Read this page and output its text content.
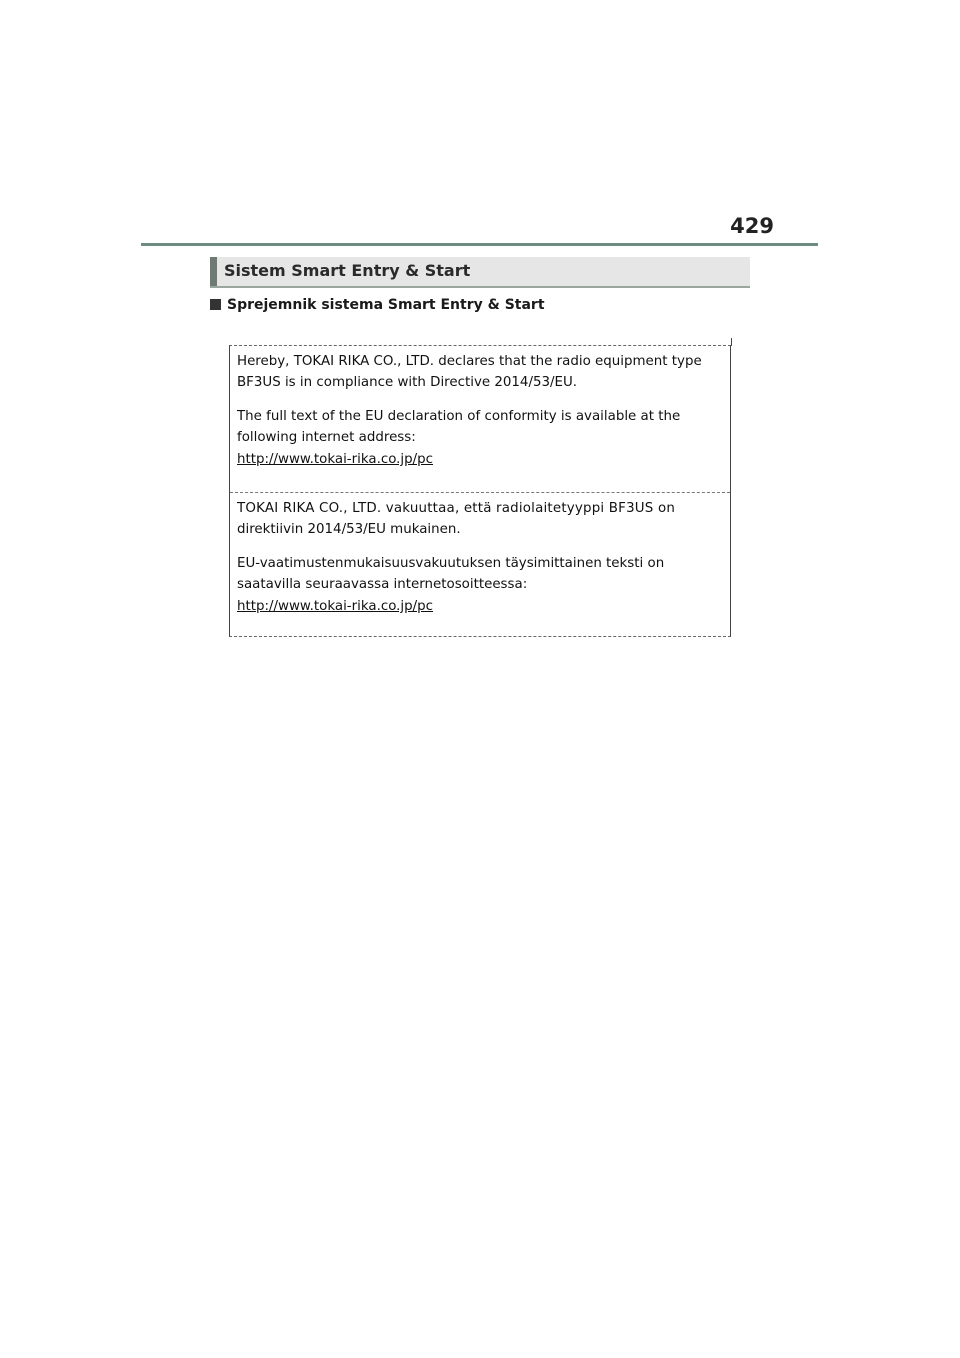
429
Sistem Smart Entry & Start
Sprejemnik sistema Smart Entry & Start

Hereby, TOKAI RIKA CO., LTD. declares that the radio equipment type

BF3US is in compliance with Directive 2014/53/EU.

The full text of the EU declaration of conformity is available at the

following internet address:

http://www.tokai-rika.co.jp/pc

TOKAI RIKA CO., LTD. vakuuttaa, että radiolaitetyyppi BF3US on

direktiivin 2014/53/EU mukainen.

EU-vaatimustenmukaisuusvakuutuksen täysimittainen teksti on

saatavilla seuraavassa internetosoitteessa:

http://www.tokai-rika.co.jp/pc
